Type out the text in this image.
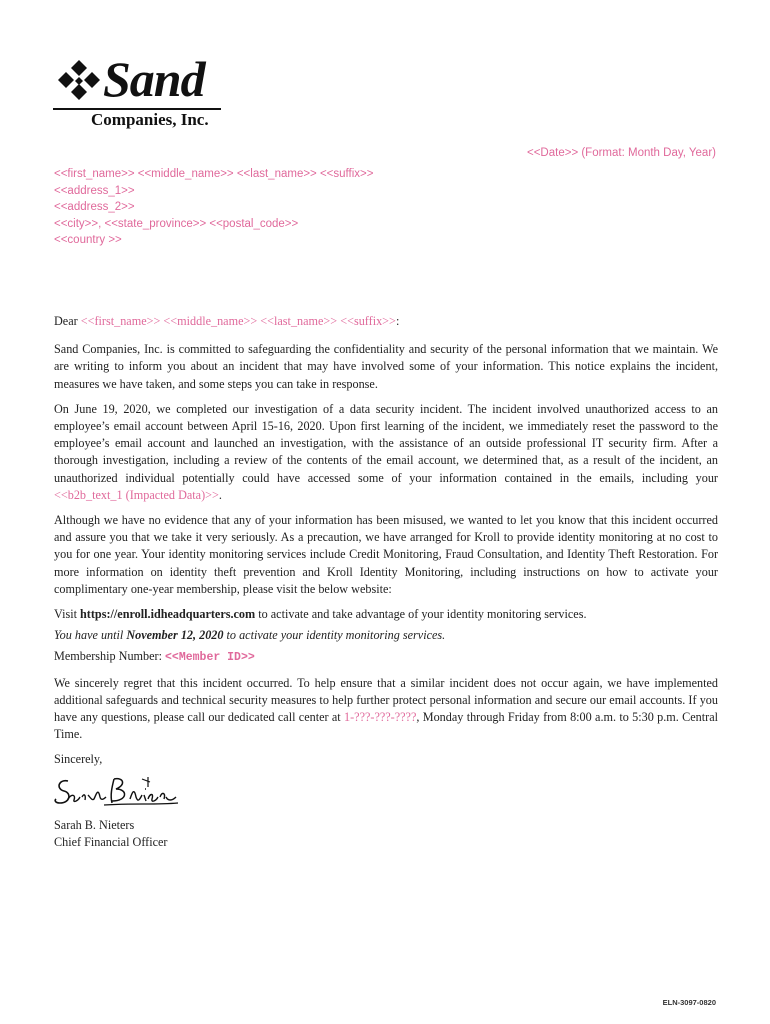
Sand
Companies, Inc.
<<Date>> (Format: Month Day, Year)
<<first_name>> <<middle_name>> <<last_name>> <<suffix>>
<<address_1>>
<<address_2>>
<<city>>, <<state_province>> <<postal_code>>
<<country >>

Dear <<first_name>> <<middle_name>> <<last_name>> <<suffix>>:

Sand Companies, Inc. is committed to safeguarding the confidentiality and security of the personal information that we maintain. We are writing to inform you about an incident that may have involved some of your information. This notice explains the incident, measures we have taken, and some steps you can take in response.

On June 19, 2020, we completed our investigation of a data security incident. The incident involved unauthorized access to an employee’s email account between April 15-16, 2020. Upon first learning of the incident, we immediately reset the password to the employee’s email account and launched an investigation, with the assistance of an outside professional IT security firm. After a thorough investigation, including a review of the contents of the email account, we determined that, as a result of the incident, an unauthorized individual potentially could have accessed some of your information contained in the emails, including your <<b2b_text_1 (Impacted Data)>>.

Although we have no evidence that any of your information has been misused, we wanted to let you know that this incident occurred and assure you that we take it very seriously. As a precaution, we have arranged for Kroll to provide identity monitoring at no cost to you for one year. Your identity monitoring services include Credit Monitoring, Fraud Consultation, and Identity Theft Restoration. For more information on identity theft prevention and Kroll Identity Monitoring, including instructions on how to activate your complimentary one-year membership, please visit the below website:

Visit https://enroll.idheadquarters.com to activate and take advantage of your identity monitoring services.

You have until November 12, 2020 to activate your identity monitoring services.

Membership Number: <<Member ID>>

We sincerely regret that this incident occurred. To help ensure that a similar incident does not occur again, we have implemented additional safeguards and technical security measures to help further protect personal information and secure our email accounts. If you have any questions, please call our dedicated call center at 1-???-???-????, Monday through Friday from 8:00 a.m. to 5:30 p.m. Central Time.

Sincerely,

Sarah B. Nieters

Chief Financial Officer

ELN-3097-0820
